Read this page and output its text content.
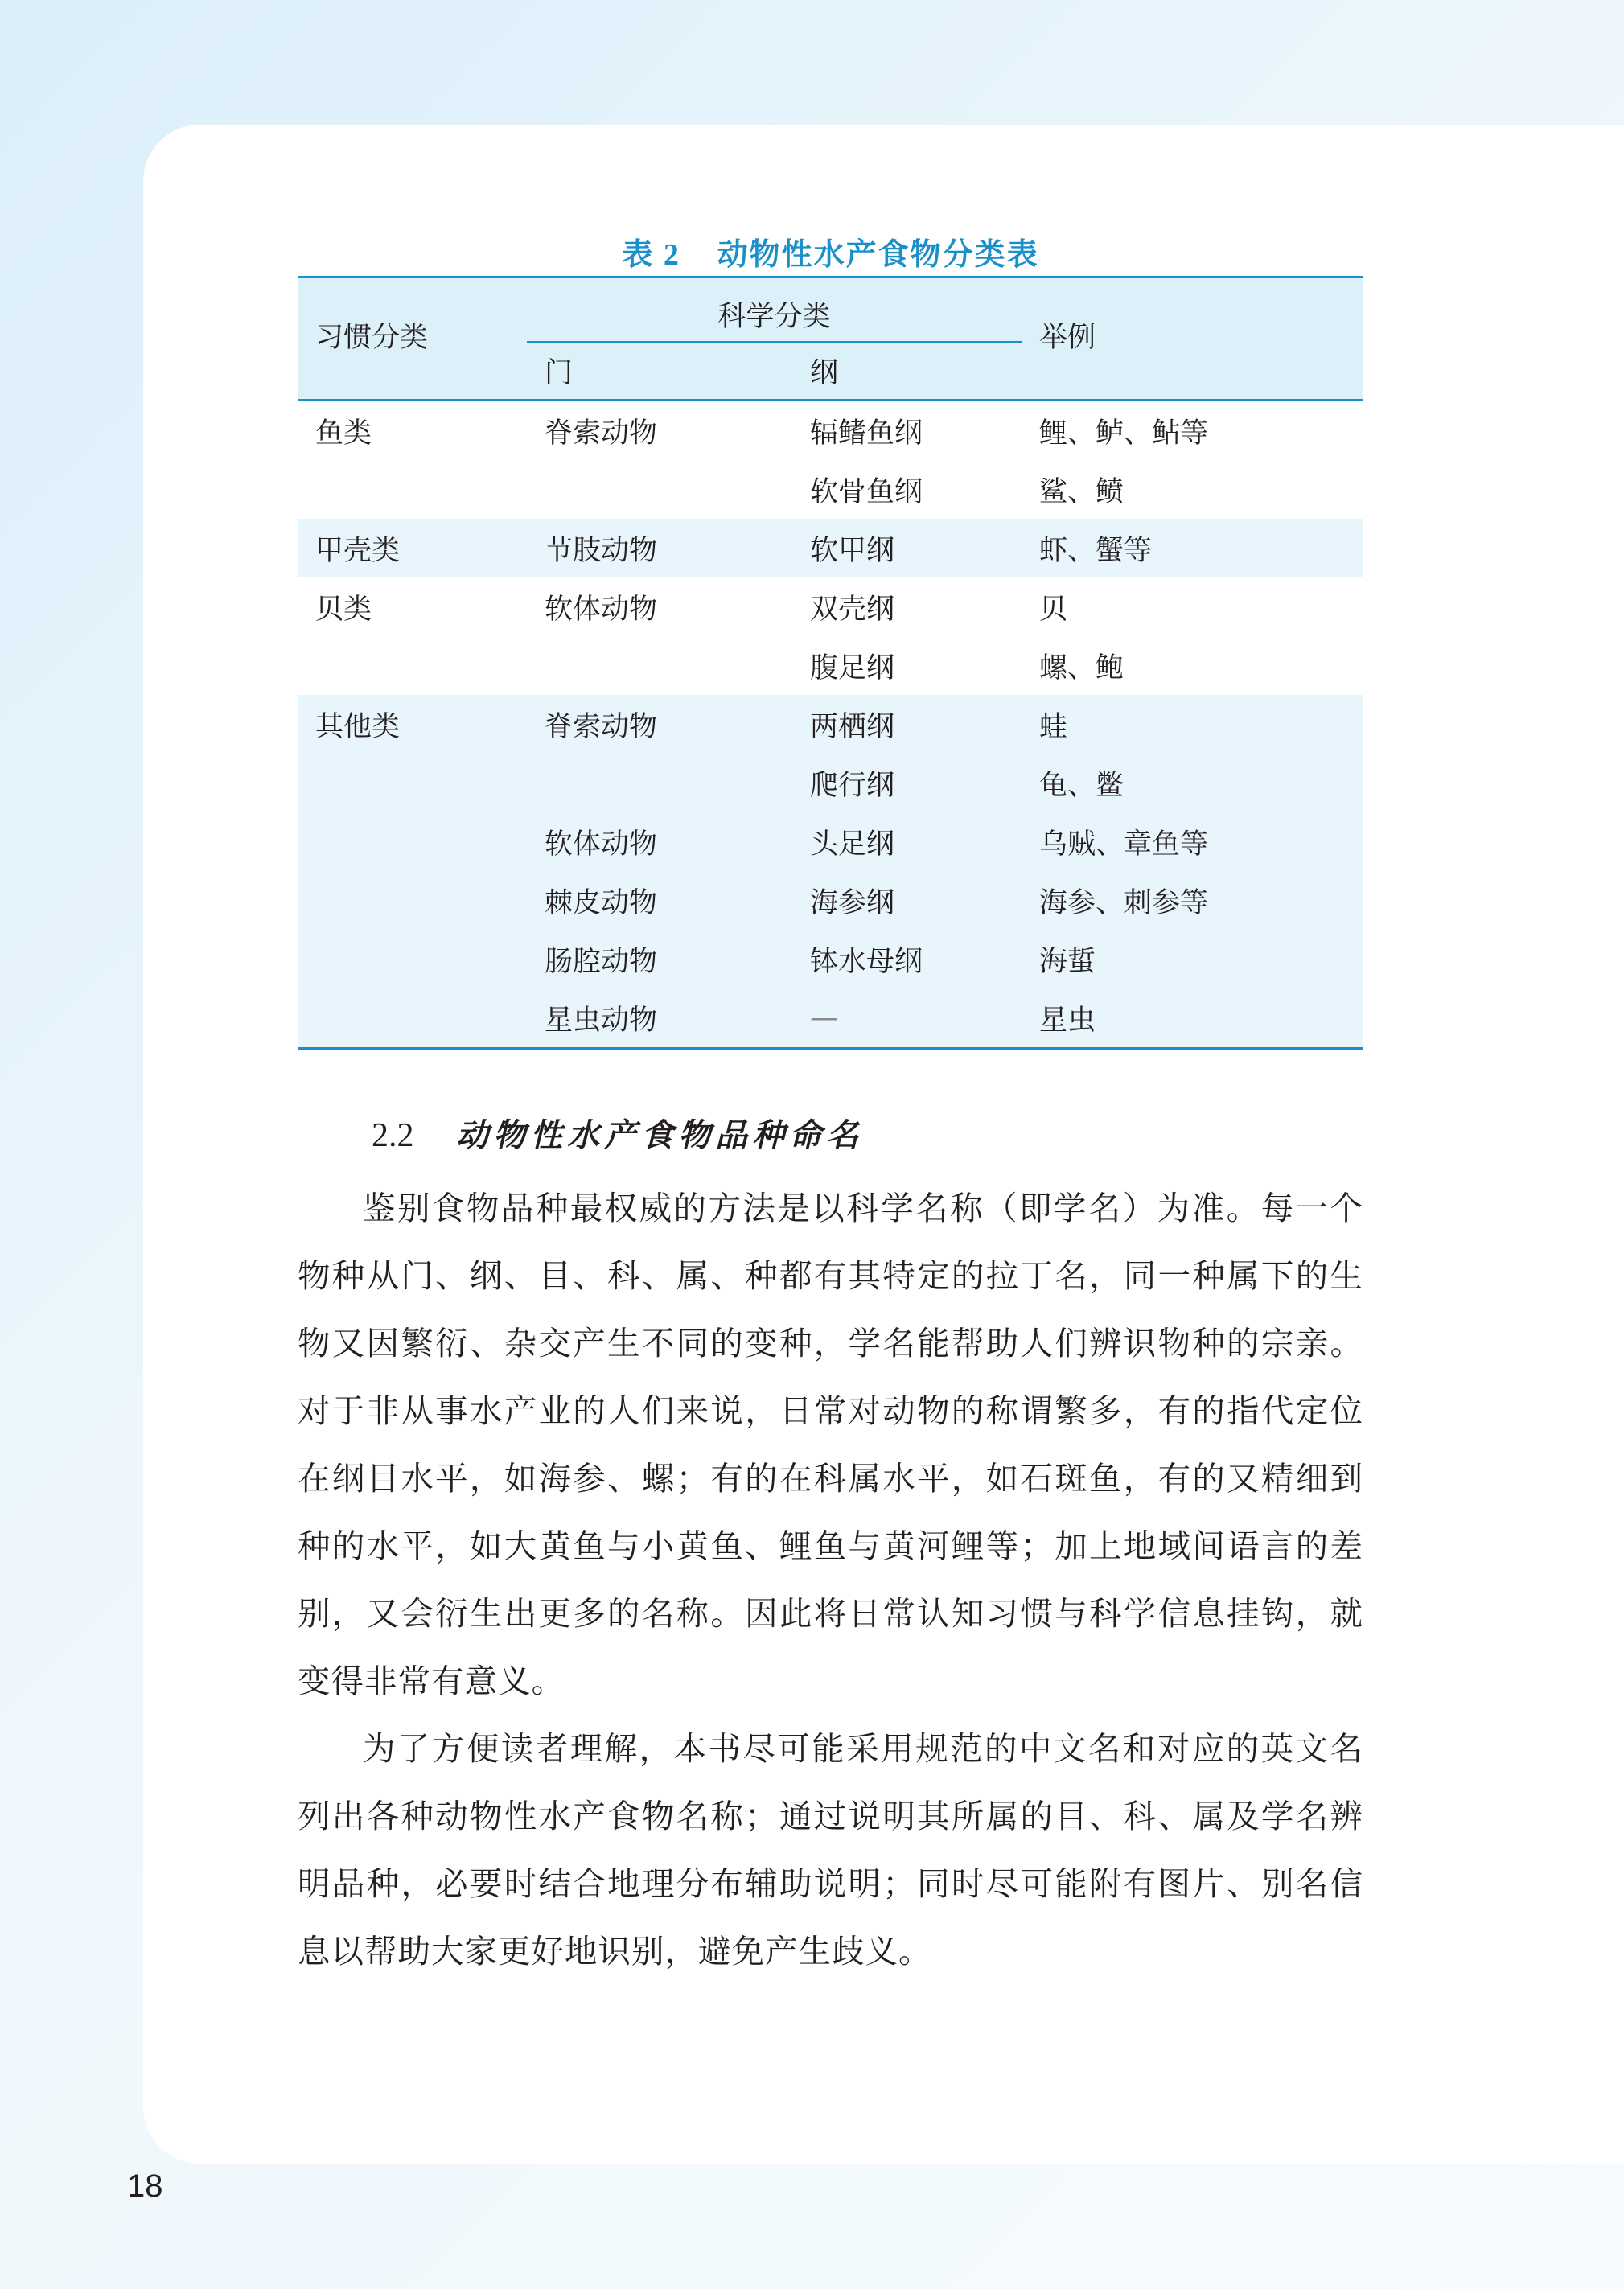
表 2 动物性水产食物分类表
习惯分类	科学分类		举例
	门	纲	
鱼类	脊索动物	辐鳍鱼纲	鲤、鲈、鲇等
		软骨鱼纲	鲨、鲼
甲壳类	节肢动物	软甲纲	虾、蟹等
贝类	软体动物	双壳纲	贝
		腹足纲	螺、鲍
其他类	脊索动物	两栖纲	蛙
		爬行纲	龟、鳖
	软体动物	头足纲	乌贼、章鱼等
	棘皮动物	海参纲	海参、刺参等
	肠腔动物	钵水母纲	海蜇
	星虫动物	—	星虫
2.2 动物性水产食物品种命名

鉴别食物品种最权威的方法是以科学名称（即学名）为准。每一个物种从门、纲、目、科、属、种都有其特定的拉丁名，同一种属下的生物又因繁衍、杂交产生不同的变种，学名能帮助人们辨识物种的宗亲。对于非从事水产业的人们来说，日常对动物的称谓繁多，有的指代定位在纲目水平，如海参、螺；有的在科属水平，如石斑鱼，有的又精细到种的水平，如大黄鱼与小黄鱼、鲤鱼与黄河鲤等；加上地域间语言的差别，又会衍生出更多的名称。因此将日常认知习惯与科学信息挂钩，就变得非常有意义。

为了方便读者理解，本书尽可能采用规范的中文名和对应的英文名列出各种动物性水产食物名称；通过说明其所属的目、科、属及学名辨明品种，必要时结合地理分布辅助说明；同时尽可能附有图片、别名信息以帮助大家更好地识别，避免产生歧义。

18
